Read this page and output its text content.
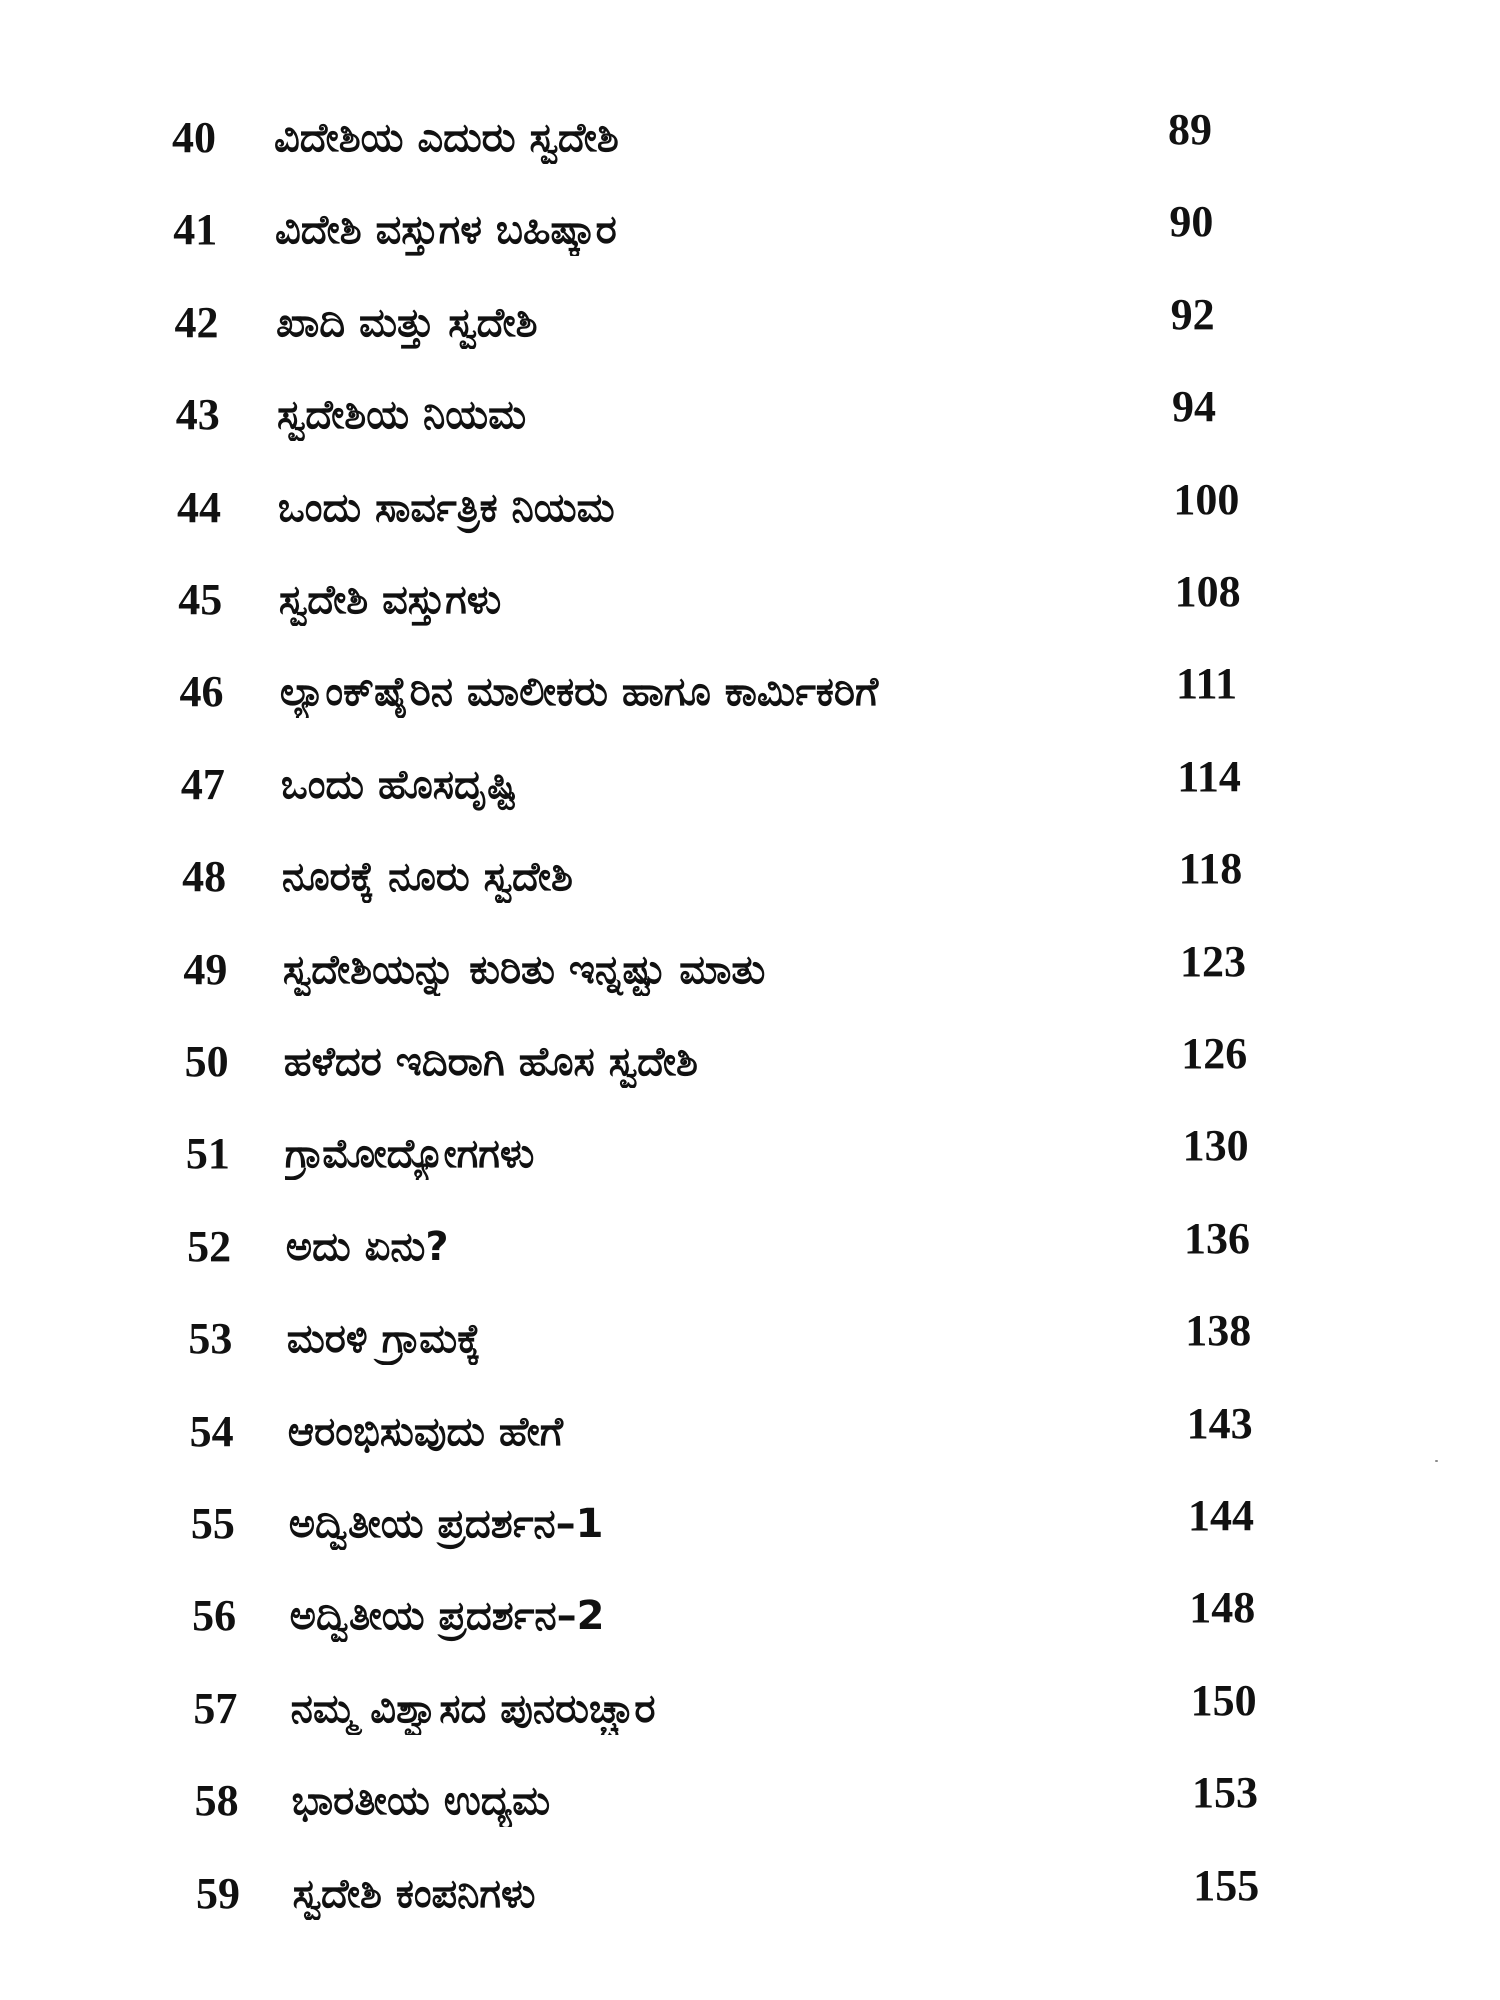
40	ವಿದೇಶಿಯ ಎದುರು ಸ್ವದೇಶಿ	89
41	ವಿದೇಶಿ ವಸ್ತುಗಳ ಬಹಿಷ್ಕಾರ	90
42	ಖಾದಿ ಮತ್ತು ಸ್ವದೇಶಿ	92
43	ಸ್ವದೇಶಿಯ ನಿಯಮ	94
44	ಒಂದು ಸಾರ್ವತ್ರಿಕ ನಿಯಮ	100
45	ಸ್ವದೇಶಿ ವಸ್ತುಗಳು	108
46	ಲ್ಯಾಂಕ್‌ಷೈರಿನ ಮಾಲೀಕರು ಹಾಗೂ ಕಾರ್ಮಿಕರಿಗೆ	111
47	ಒಂದು ಹೊಸದೃಷ್ಟಿ	114
48	ನೂರಕ್ಕೆ ನೂರು ಸ್ವದೇಶಿ	118
49	ಸ್ವದೇಶಿಯನ್ನು ಕುರಿತು ಇನ್ನಷ್ಟು ಮಾತು	123
50	ಹಳೆದರ ಇದಿರಾಗಿ ಹೊಸ ಸ್ವದೇಶಿ	126
51	ಗ್ರಾಮೋದ್ಯೋಗಗಳು	130
52	ಅದು ಏನು?	136
53	ಮರಳಿ ಗ್ರಾಮಕ್ಕೆ	138
54	ಆರಂಭಿಸುವುದು ಹೇಗೆ	143
55	ಅದ್ವಿತೀಯ ಪ್ರದರ್ಶನ–1	144
56	ಅದ್ವಿತೀಯ ಪ್ರದರ್ಶನ–2	148
57	ನಮ್ಮ ವಿಶ್ವಾಸದ ಪುನರುಚ್ಚಾರ	150
58	ಭಾರತೀಯ ಉದ್ಯಮ	153
59	ಸ್ವದೇಶಿ ಕಂಪನಿಗಳು	155
